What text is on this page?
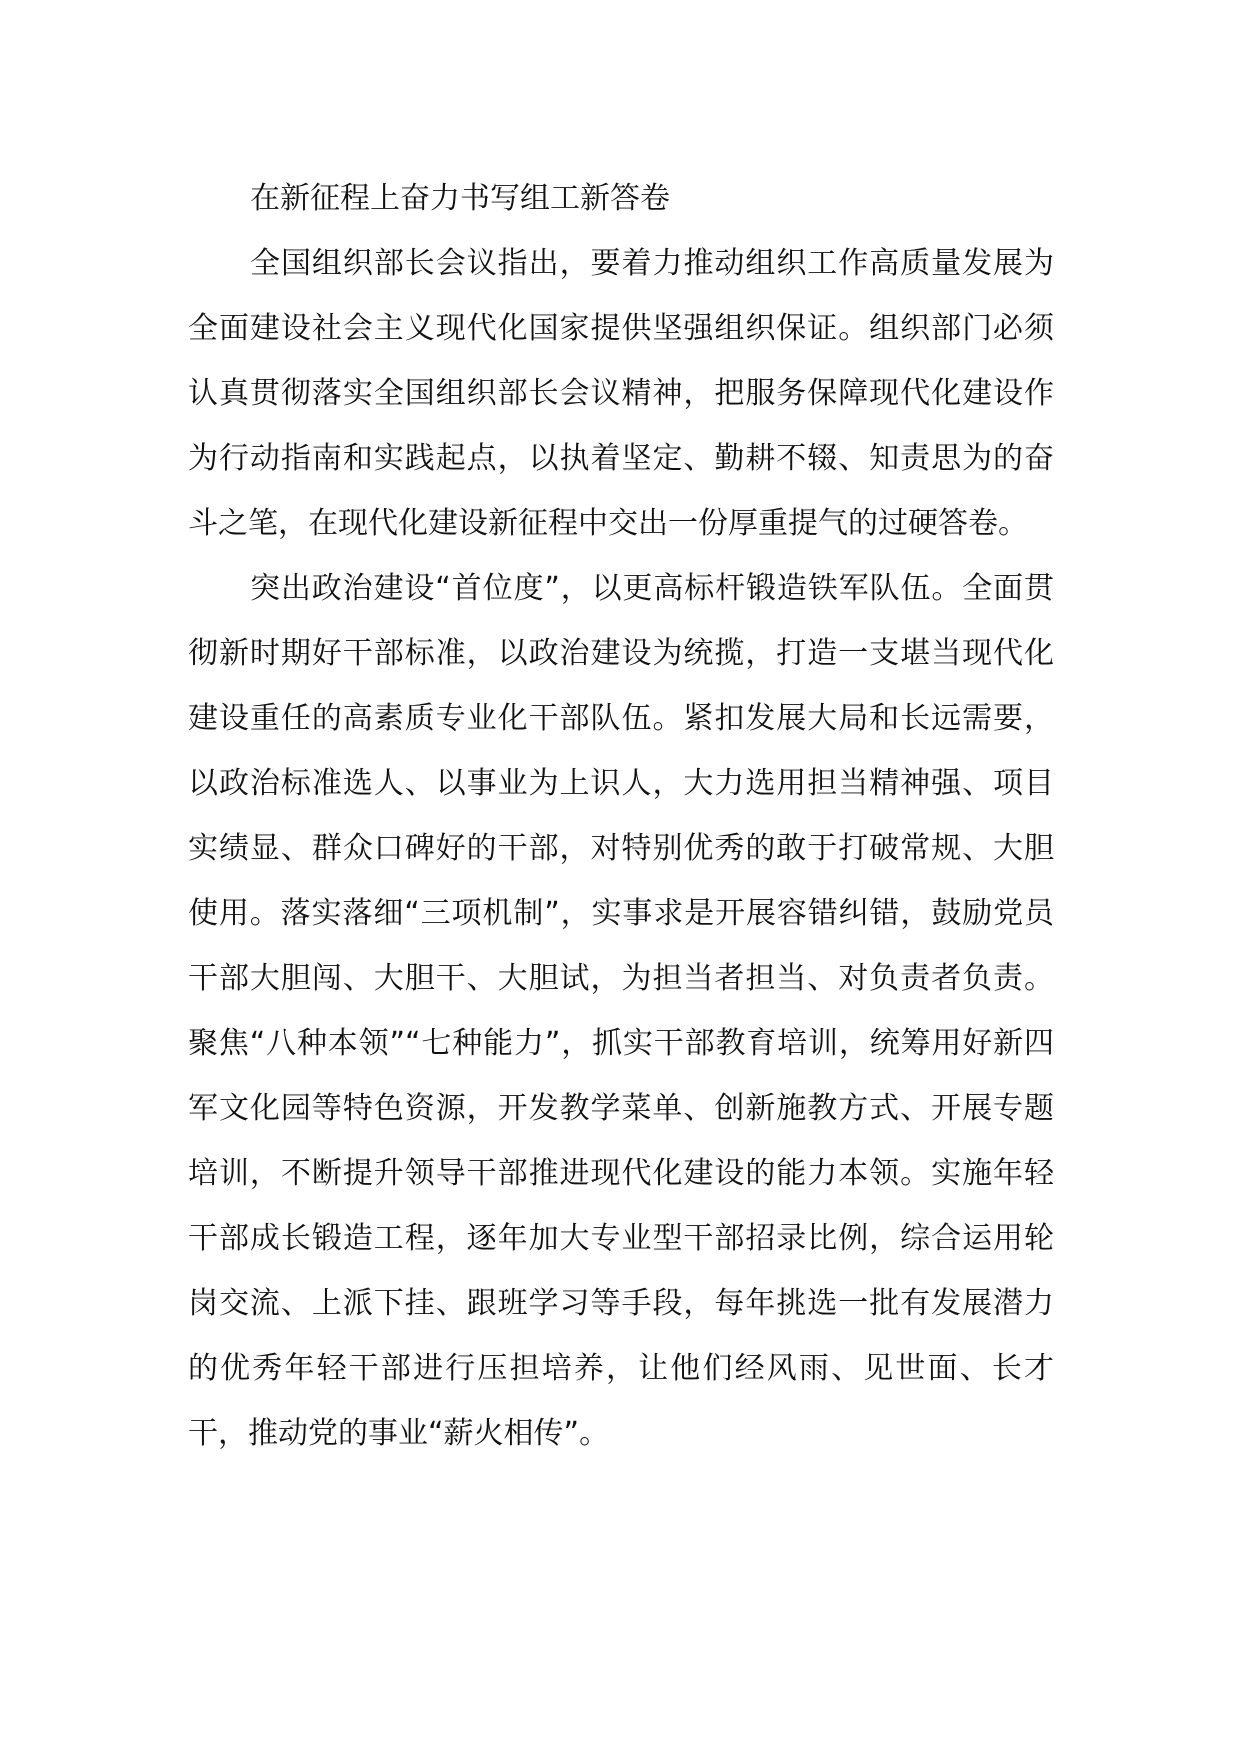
在新征程上奋力书写组工新答卷

全国组织部长会议指出，要着力推动组织工作高质量发展为全面建设社会主义现代化国家提供坚强组织保证。组织部门必须认真贯彻落实全国组织部长会议精神，把服务保障现代化建设作为行动指南和实践起点，以执着坚定、勤耕不辍、知责思为的奋斗之笔，在现代化建设新征程中交出一份厚重提气的过硬答卷。

突出政治建设“首位度”，以更高标杆锻造铁军队伍。全面贯彻新时期好干部标准，以政治建设为统揽，打造一支堪当现代化建设重任的高素质专业化干部队伍。紧扣发展大局和长远需要，以政治标准选人、以事业为上识人，大力选用担当精神强、项目实绩显、群众口碑好的干部，对特别优秀的敢于打破常规、大胆使用。落实落细“三项机制”，实事求是开展容错纠错，鼓励党员干部大胆闯、大胆干、大胆试，为担当者担当、对负责者负责。聚焦“八种本领”“七种能力”，抓实干部教育培训，统筹用好新四军文化园等特色资源，开发教学菜单、创新施教方式、开展专题培训，不断提升领导干部推进现代化建设的能力本领。实施年轻干部成长锻造工程，逐年加大专业型干部招录比例，综合运用轮岗交流、上派下挂、跟班学习等手段，每年挑选一批有发展潜力的优秀年轻干部进行压担培养，让他们经风雨、见世面、长才干，推动党的事业“薪火相传”。
